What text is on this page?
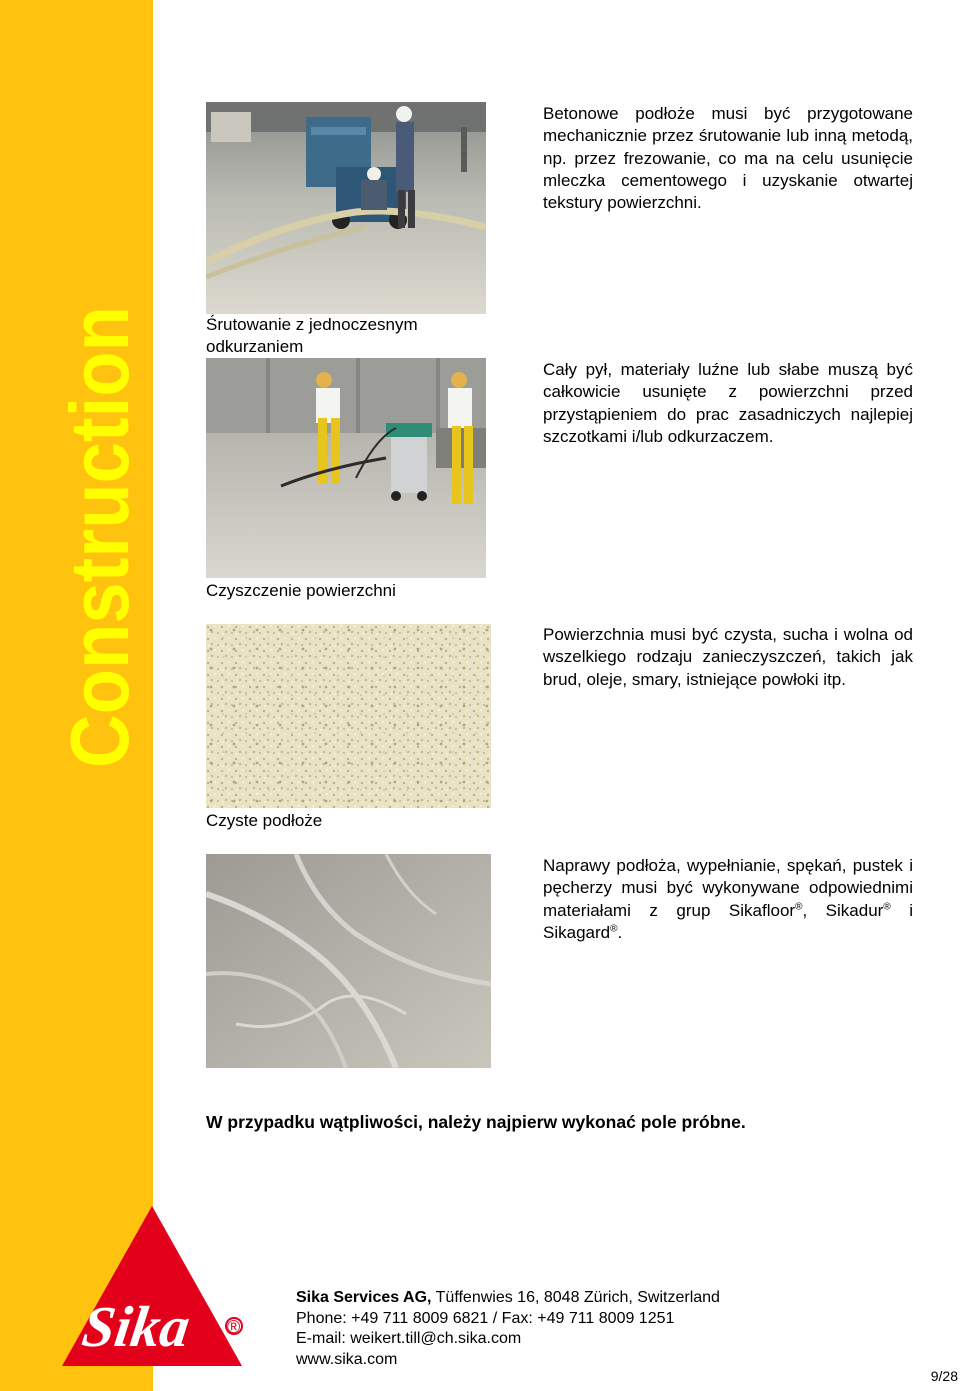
Construction
Nr: 850 84 04
Autor: T. Weikert
Data: 05.05.2011
Śrutowanie z jednoczesnym
odkurzaniem
Czyszczenie powierzchni
Czyste podłoże
Betonowe podłoże musi być przygotowane mechanicznie przez śrutowanie lub inną metodą, np. przez frezowanie, co ma na celu usunięcie mleczka cementowego i uzyskanie otwartej tekstury powierzchni.
Cały pył, materiały luźne lub słabe muszą być całkowicie usunięte z powierzchni przed przystąpieniem do prac zasadniczych najlepiej szczotkami i/lub odkurzaczem.
Powierzchnia musi być czysta, sucha i wolna od wszelkiego rodzaju zanieczyszczeń, takich jak brud, oleje, smary, istniejące powłoki itp.
Naprawy podłoża, wypełnianie, spękań, pustek i pęcherzy musi być wykonywane odpowiednimi materiałami z grup Sikafloor®, Sikadur® i Sikagard®.
W przypadku wątpliwości, należy najpierw wykonać pole próbne.
Sika ®
Sika Services AG, Tüffenwies 16, 8048 Zürich, Switzerland
Phone: +49 711 8009 6821 / Fax: +49 711 8009 1251
E-mail: weikert.till@ch.sika.com
www.sika.com
9/28
